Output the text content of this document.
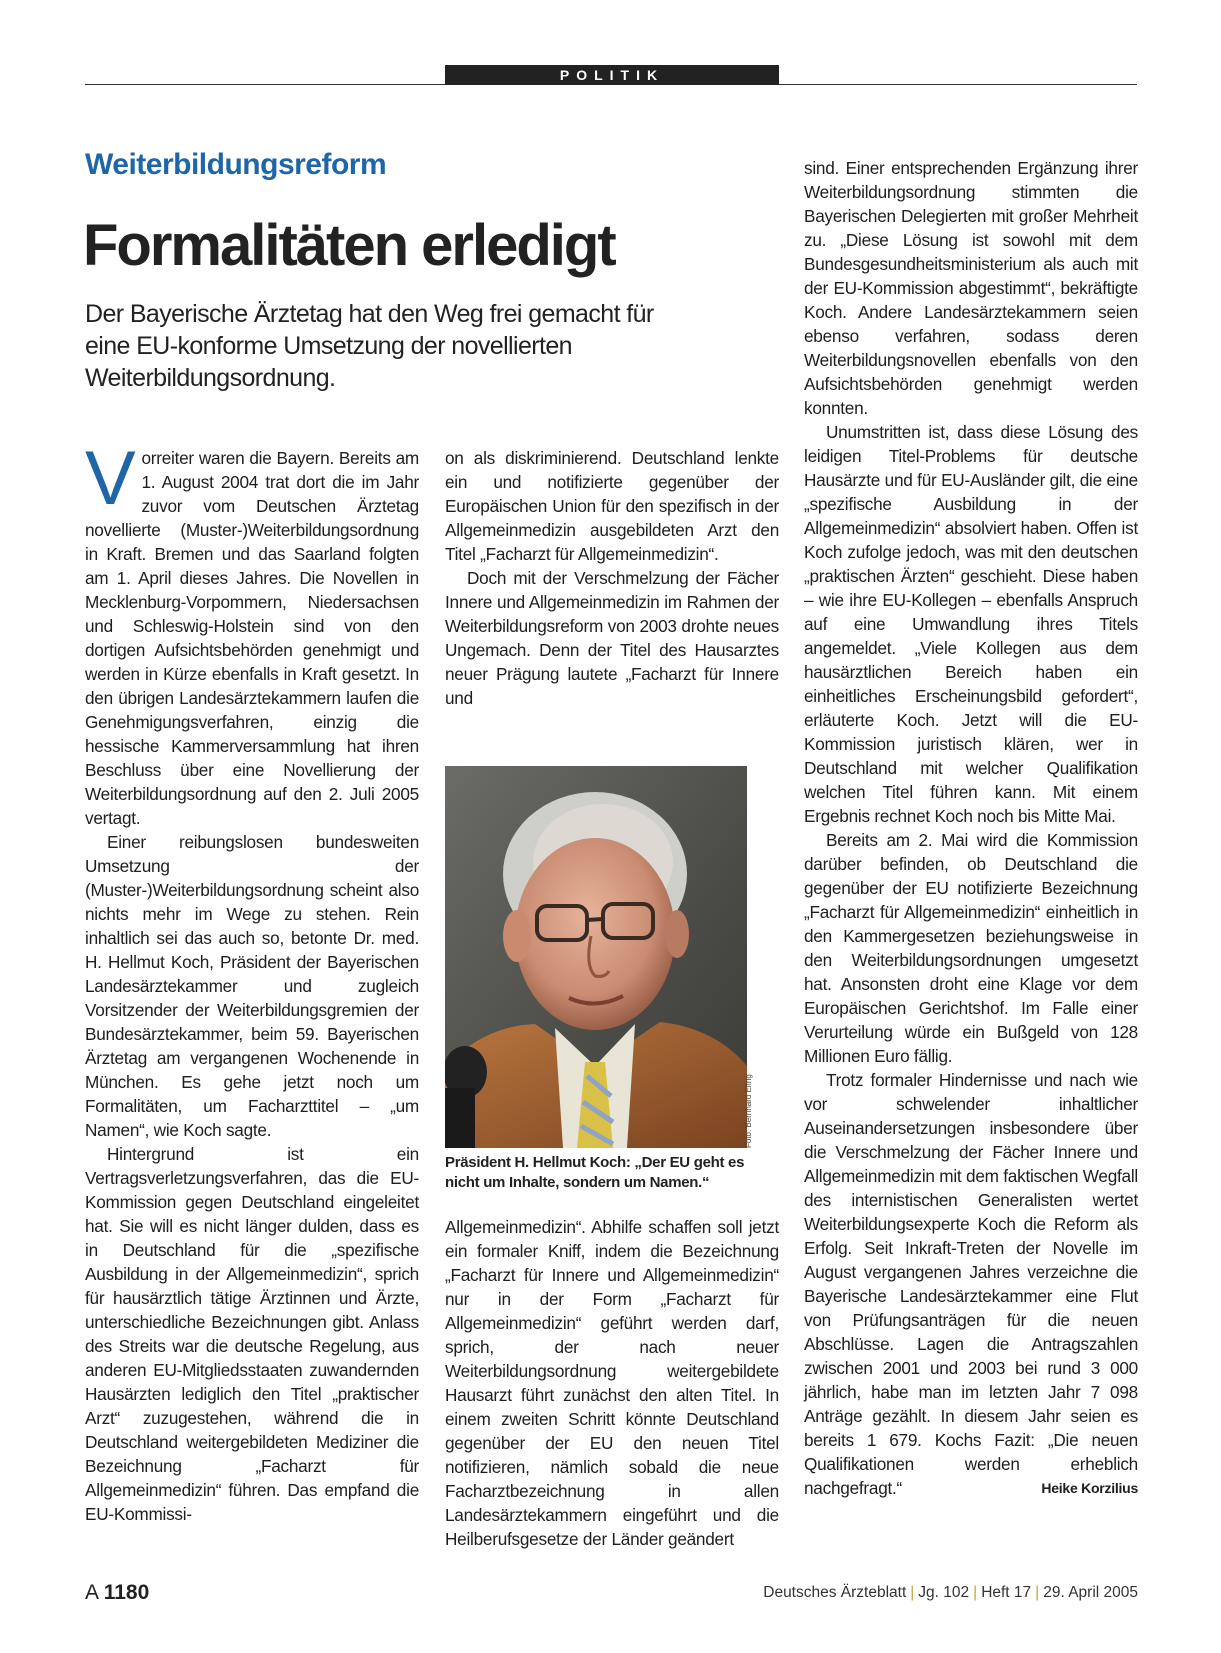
POLITIK
Weiterbildungsreform
Formalitäten erledigt

Der Bayerische Ärztetag hat den Weg frei gemacht für eine EU-konforme Umsetzung der novellierten Weiterbildungsordnung.

Vorreiter waren die Bayern. Bereits am 1. August 2004 trat dort die im Jahr zuvor vom Deutschen Ärztetag novellierte (Muster-)Weiterbildungsordnung in Kraft. Bremen und das Saarland folgten am 1. April dieses Jahres. Die Novellen in Mecklenburg-Vorpommern, Niedersachsen und Schleswig-Holstein sind von den dortigen Aufsichtsbehörden genehmigt und werden in Kürze ebenfalls in Kraft gesetzt. In den übrigen Landesärztekammern laufen die Genehmigungsverfahren, einzig die hessische Kammerversammlung hat ihren Beschluss über eine Novellierung der Weiterbildungsordnung auf den 2. Juli 2005 vertagt.

Einer reibungslosen bundesweiten Umsetzung der (Muster-)Weiterbildungsordnung scheint also nichts mehr im Wege zu stehen. Rein inhaltlich sei das auch so, betonte Dr. med. H. Hellmut Koch, Präsident der Bayerischen Landesärztekammer und zugleich Vorsitzender der Weiterbildungsgremien der Bundesärztekammer, beim 59. Bayerischen Ärztetag am vergangenen Wochenende in München. Es gehe jetzt noch um Formalitäten, um Facharzttitel – „um Namen“, wie Koch sagte.

Hintergrund ist ein Vertragsverletzungsverfahren, das die EU-Kommission gegen Deutschland eingeleitet hat. Sie will es nicht länger dulden, dass es in Deutschland für die „spezifische Ausbildung in der Allgemeinmedizin“, sprich für hausärztlich tätige Ärztinnen und Ärzte, unterschiedliche Bezeichnungen gibt. Anlass des Streits war die deutsche Regelung, aus anderen EU-Mitgliedsstaaten zuwandernden Hausärzten lediglich den Titel „praktischer Arzt“ zuzugestehen, während die in Deutschland weitergebildeten Mediziner die Bezeichnung „Facharzt für Allgemeinmedizin“ führen. Das empfand die EU-Kommissi-

on als diskriminierend. Deutschland lenkte ein und notifizierte gegenüber der Europäischen Union für den spezifisch in der Allgemeinmedizin ausgebildeten Arzt den Titel „Facharzt für Allgemeinmedizin“.

Doch mit der Verschmelzung der Fächer Innere und Allgemeinmedizin im Rahmen der Weiterbildungsreform von 2003 drohte neues Ungemach. Denn der Titel des Hausarztes neuer Prägung lautete „Facharzt für Innere und

Foto: Bernhard Eifrig

Präsident H. Hellmut Koch: „Der EU geht es nicht um Inhalte, sondern um Namen.“

Allgemeinmedizin“. Abhilfe schaffen soll jetzt ein formaler Kniff, indem die Bezeichnung „Facharzt für Innere und Allgemeinmedizin“ nur in der Form „Facharzt für Allgemeinmedizin“ geführt werden darf, sprich, der nach neuer Weiterbildungsordnung weitergebildete Hausarzt führt zunächst den alten Titel. In einem zweiten Schritt könnte Deutschland gegenüber der EU den neuen Titel notifizieren, nämlich sobald die neue Facharztbezeichnung in allen Landesärztekammern eingeführt und die Heilberufsgesetze der Länder geändert

sind. Einer entsprechenden Ergänzung ihrer Weiterbildungsordnung stimmten die Bayerischen Delegierten mit großer Mehrheit zu. „Diese Lösung ist sowohl mit dem Bundesgesundheitsministerium als auch mit der EU-Kommission abgestimmt“, bekräftigte Koch. Andere Landesärztekammern seien ebenso verfahren, sodass deren Weiterbildungsnovellen ebenfalls von den Aufsichtsbehörden genehmigt werden konnten.

Unumstritten ist, dass diese Lösung des leidigen Titel-Problems für deutsche Hausärzte und für EU-Ausländer gilt, die eine „spezifische Ausbildung in der Allgemeinmedizin“ absolviert haben. Offen ist Koch zufolge jedoch, was mit den deutschen „praktischen Ärzten“ geschieht. Diese haben – wie ihre EU-Kollegen – ebenfalls Anspruch auf eine Umwandlung ihres Titels angemeldet. „Viele Kollegen aus dem hausärztlichen Bereich haben ein einheitliches Erscheinungsbild gefordert“, erläuterte Koch. Jetzt will die EU-Kommission juristisch klären, wer in Deutschland mit welcher Qualifikation welchen Titel führen kann. Mit einem Ergebnis rechnet Koch noch bis Mitte Mai.

Bereits am 2. Mai wird die Kommission darüber befinden, ob Deutschland die gegenüber der EU notifizierte Bezeichnung „Facharzt für Allgemeinmedizin“ einheitlich in den Kammergesetzen beziehungsweise in den Weiterbildungsordnungen umgesetzt hat. Ansonsten droht eine Klage vor dem Europäischen Gerichtshof. Im Falle einer Verurteilung würde ein Bußgeld von 128 Millionen Euro fällig.

Trotz formaler Hindernisse und nach wie vor schwelender inhaltlicher Auseinandersetzungen insbesondere über die Verschmelzung der Fächer Innere und Allgemeinmedizin mit dem faktischen Wegfall des internistischen Generalisten wertet Weiterbildungsexperte Koch die Reform als Erfolg. Seit Inkraft-Treten der Novelle im August vergangenen Jahres verzeichne die Bayerische Landesärztekammer eine Flut von Prüfungsanträgen für die neuen Abschlüsse. Lagen die Antragszahlen zwischen 2001 und 2003 bei rund 3 000 jährlich, habe man im letzten Jahr 7 098 Anträge gezählt. In diesem Jahr seien es bereits 1 679. Kochs Fazit: „Die neuen Qualifikationen werden erheblich nachgefragt.“	Heike Korzilius

A 1180	Deutsches Ärzteblatt | Jg. 102 | Heft 17 | 29. April 2005
